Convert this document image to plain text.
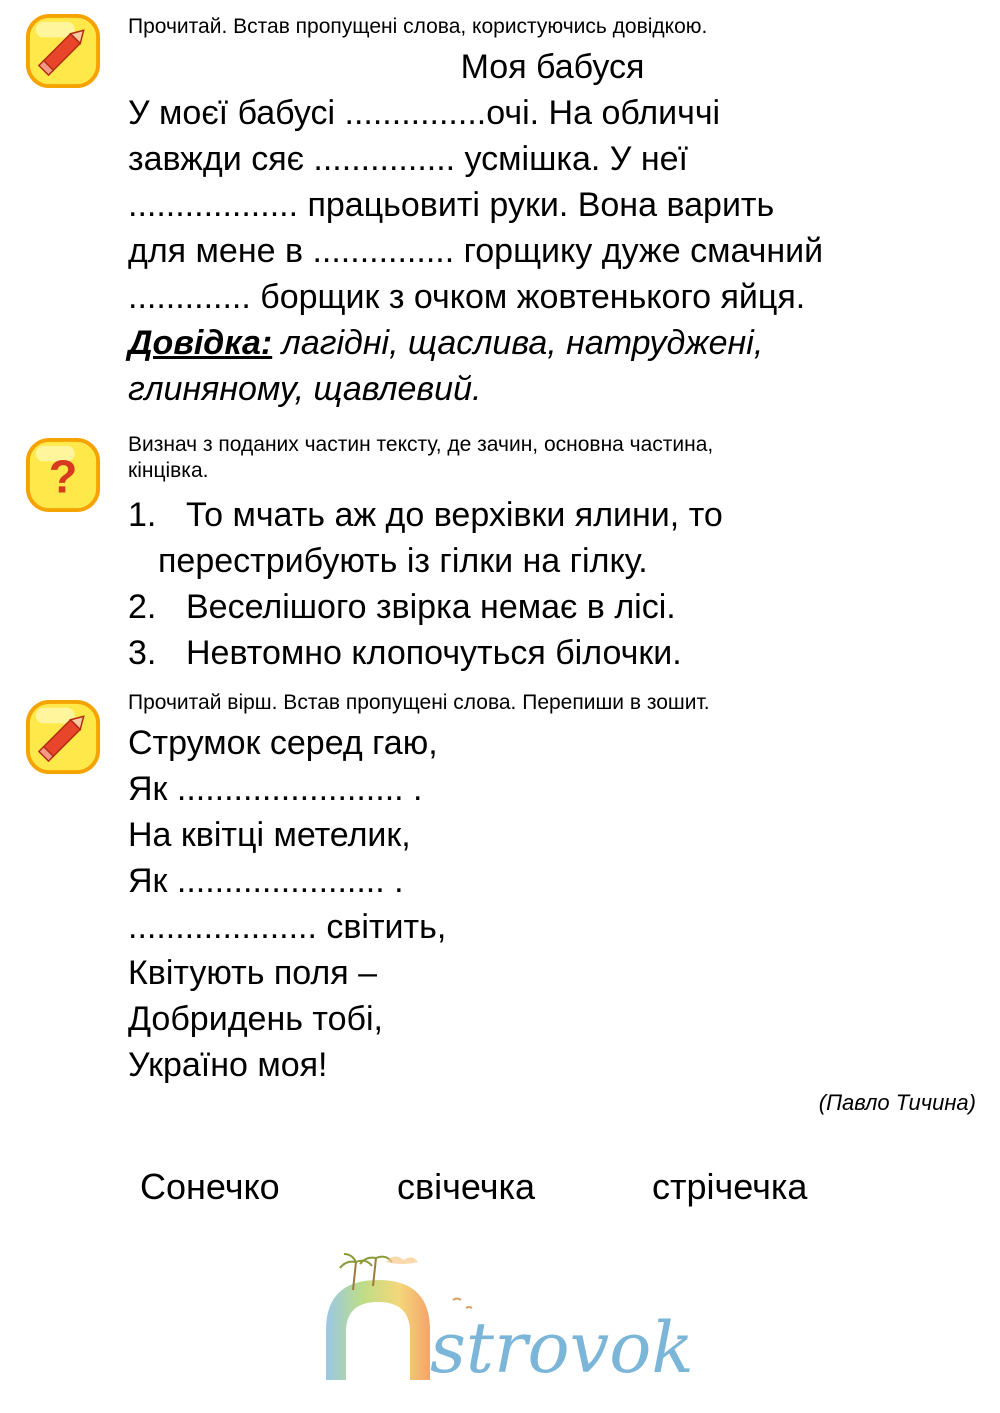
?
Прочитай. Встав пропущені слова, користуючись довідкою.
Моя бабуся
У моєї бабусі ...............очі. На обличчі
завжди сяє ............... усмішка. У неї
.................. працьовиті руки. Вона варить
для мене в ............... горщику дуже смачний
............. борщик з очком жовтенького яйця.
Довідка: лагідні, щаслива, натруджені,
глиняному, щавлевий.
Визнач з поданих частин тексту, де зачин, основна частина,
кінцівка.
1. То мчать аж до верхівки ялини, то
перестрибують із гілки на гілку.
2. Веселішого звірка немає в лісі.
3. Невтомно клопочуться білочки.
Прочитай вірш. Встав пропущені слова. Перепиши в зошит.
Струмок серед гаю,
Як ........................ .
На квітці метелик,
Як ...................... .
.................... світить,
Квітують поля –
Добридень тобі,
Україно моя!
(Павло Тичина)
Сонечко	свічечка	стрічечка
strovok
